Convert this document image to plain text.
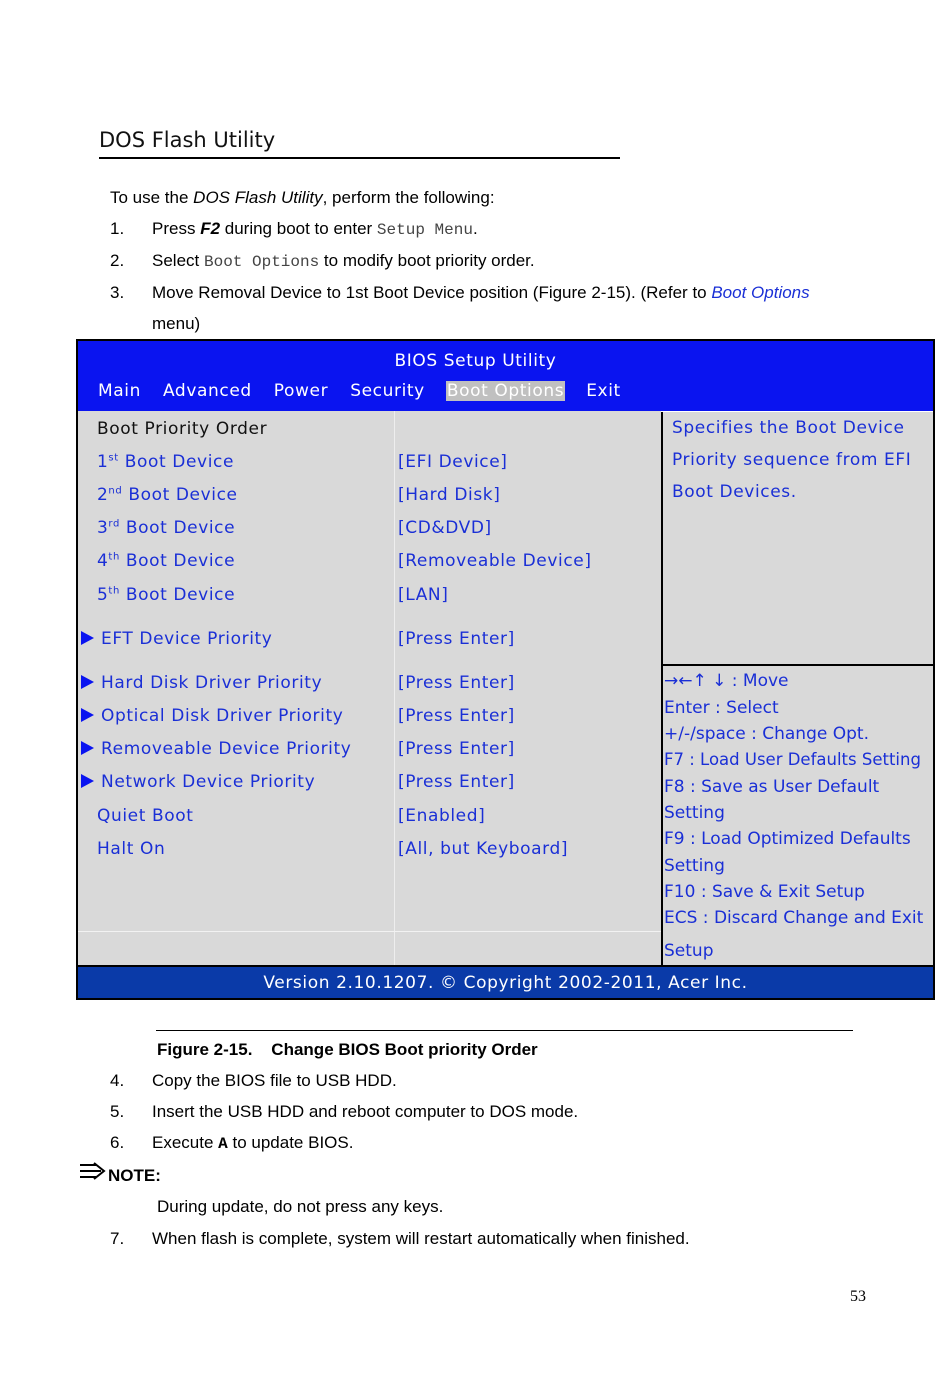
DOS Flash Utility
To use the DOS Flash Utility, perform the following:
1. Press F2 during boot to enter Setup Menu.
2. Select Boot Options to modify boot priority order.
3. Move Removal Device to 1st Boot Device position (Figure 2-15). (Refer to Boot Options
menu)
BIOS Setup Utility
Main Advanced Power Security Boot Options Exit
Boot Priority Order
1st Boot Device	[EFI Device]
2nd Boot Device	[Hard Disk]
3rd Boot Device	[CD&DVD]
4th Boot Device	[Removeable Device]
5th Boot Device	[LAN]
EFT Device Priority	[Press Enter]
Hard Disk Driver Priority	[Press Enter]
Optical Disk Driver Priority	[Press Enter]
Removeable Device Priority	[Press Enter]
Network Device Priority	[Press Enter]
Quiet Boot	[Enabled]
Halt On	[All, but Keyboard]
Specifies the Boot Device
Priority sequence from EFI
Boot Devices.
→←↑ ↓ : Move
Enter : Select
+/-/space : Change Opt.
F7 : Load User Defaults Setting
F8 : Save as User Default
Setting
F9 : Load Optimized Defaults
Setting
F10 : Save & Exit Setup
ECS : Discard Change and Exit
Setup
Version 2.10.1207. © Copyright 2002-2011, Acer Inc.
Figure 2-15.    Change BIOS Boot priority Order
4. Copy the BIOS file to USB HDD.
5. Insert the USB HDD and reboot computer to DOS mode.
6. Execute A to update BIOS.
NOTE:
During update, do not press any keys.
7. When flash is complete, system will restart automatically when finished.
53
